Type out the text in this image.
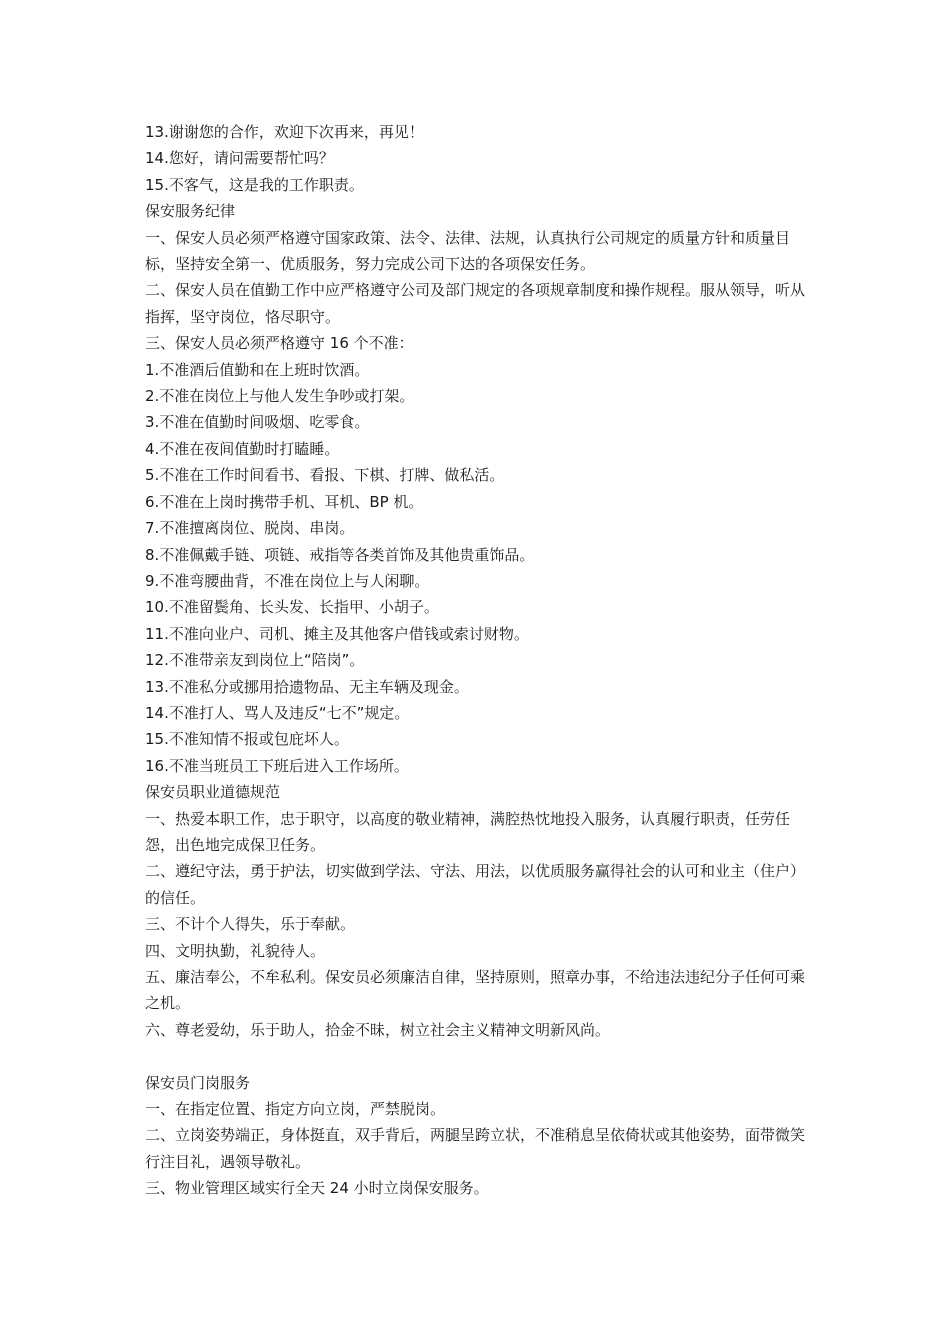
13.谢谢您的合作，欢迎下次再来，再见！

14.您好，请问需要帮忙吗？

15.不客气，这是我的工作职责。

保安服务纪律

一、保安人员必须严格遵守国家政策、法令、法律、法规，认真执行公司规定的质量方针和质量目标，坚持安全第一、优质服务，努力完成公司下达的各项保安任务。

二、保安人员在值勤工作中应严格遵守公司及部门规定的各项规章制度和操作规程。服从领导，听从指挥，坚守岗位，恪尽职守。

三、保安人员必须严格遵守 16 个不准：

1.不准酒后值勤和在上班时饮酒。

2.不准在岗位上与他人发生争吵或打架。

3.不准在值勤时间吸烟、吃零食。

4.不准在夜间值勤时打瞌睡。

5.不准在工作时间看书、看报、下棋、打牌、做私活。

6.不准在上岗时携带手机、耳机、BP 机。

7.不准擅离岗位、脱岗、串岗。

8.不准佩戴手链、项链、戒指等各类首饰及其他贵重饰品。

9.不准弯腰曲背，不准在岗位上与人闲聊。

10.不准留鬓角、长头发、长指甲、小胡子。

11.不准向业户、司机、摊主及其他客户借钱或索讨财物。

12.不准带亲友到岗位上“陪岗”。

13.不准私分或挪用拾遗物品、无主车辆及现金。

14.不准打人、骂人及违反“七不”规定。

15.不准知情不报或包庇坏人。

16.不准当班员工下班后进入工作场所。

保安员职业道德规范

一、热爱本职工作，忠于职守，以高度的敬业精神，满腔热忱地投入服务，认真履行职责，任劳任怨，出色地完成保卫任务。

二、遵纪守法，勇于护法，切实做到学法、守法、用法，以优质服务赢得社会的认可和业主（住户）的信任。

三、不计个人得失，乐于奉献。

四、文明执勤，礼貌待人。

五、廉洁奉公，不牟私利。保安员必须廉洁自律，坚持原则，照章办事，不给违法违纪分子任何可乘之机。

六、尊老爱幼，乐于助人，拾金不昧，树立社会主义精神文明新风尚。

保安员门岗服务

一、在指定位置、指定方向立岗，严禁脱岗。

二、立岗姿势端正，身体挺直，双手背后，两腿呈跨立状，不准稍息呈依倚状或其他姿势，面带微笑行注目礼，遇领导敬礼。

三、物业管理区域实行全天 24 小时立岗保安服务。
